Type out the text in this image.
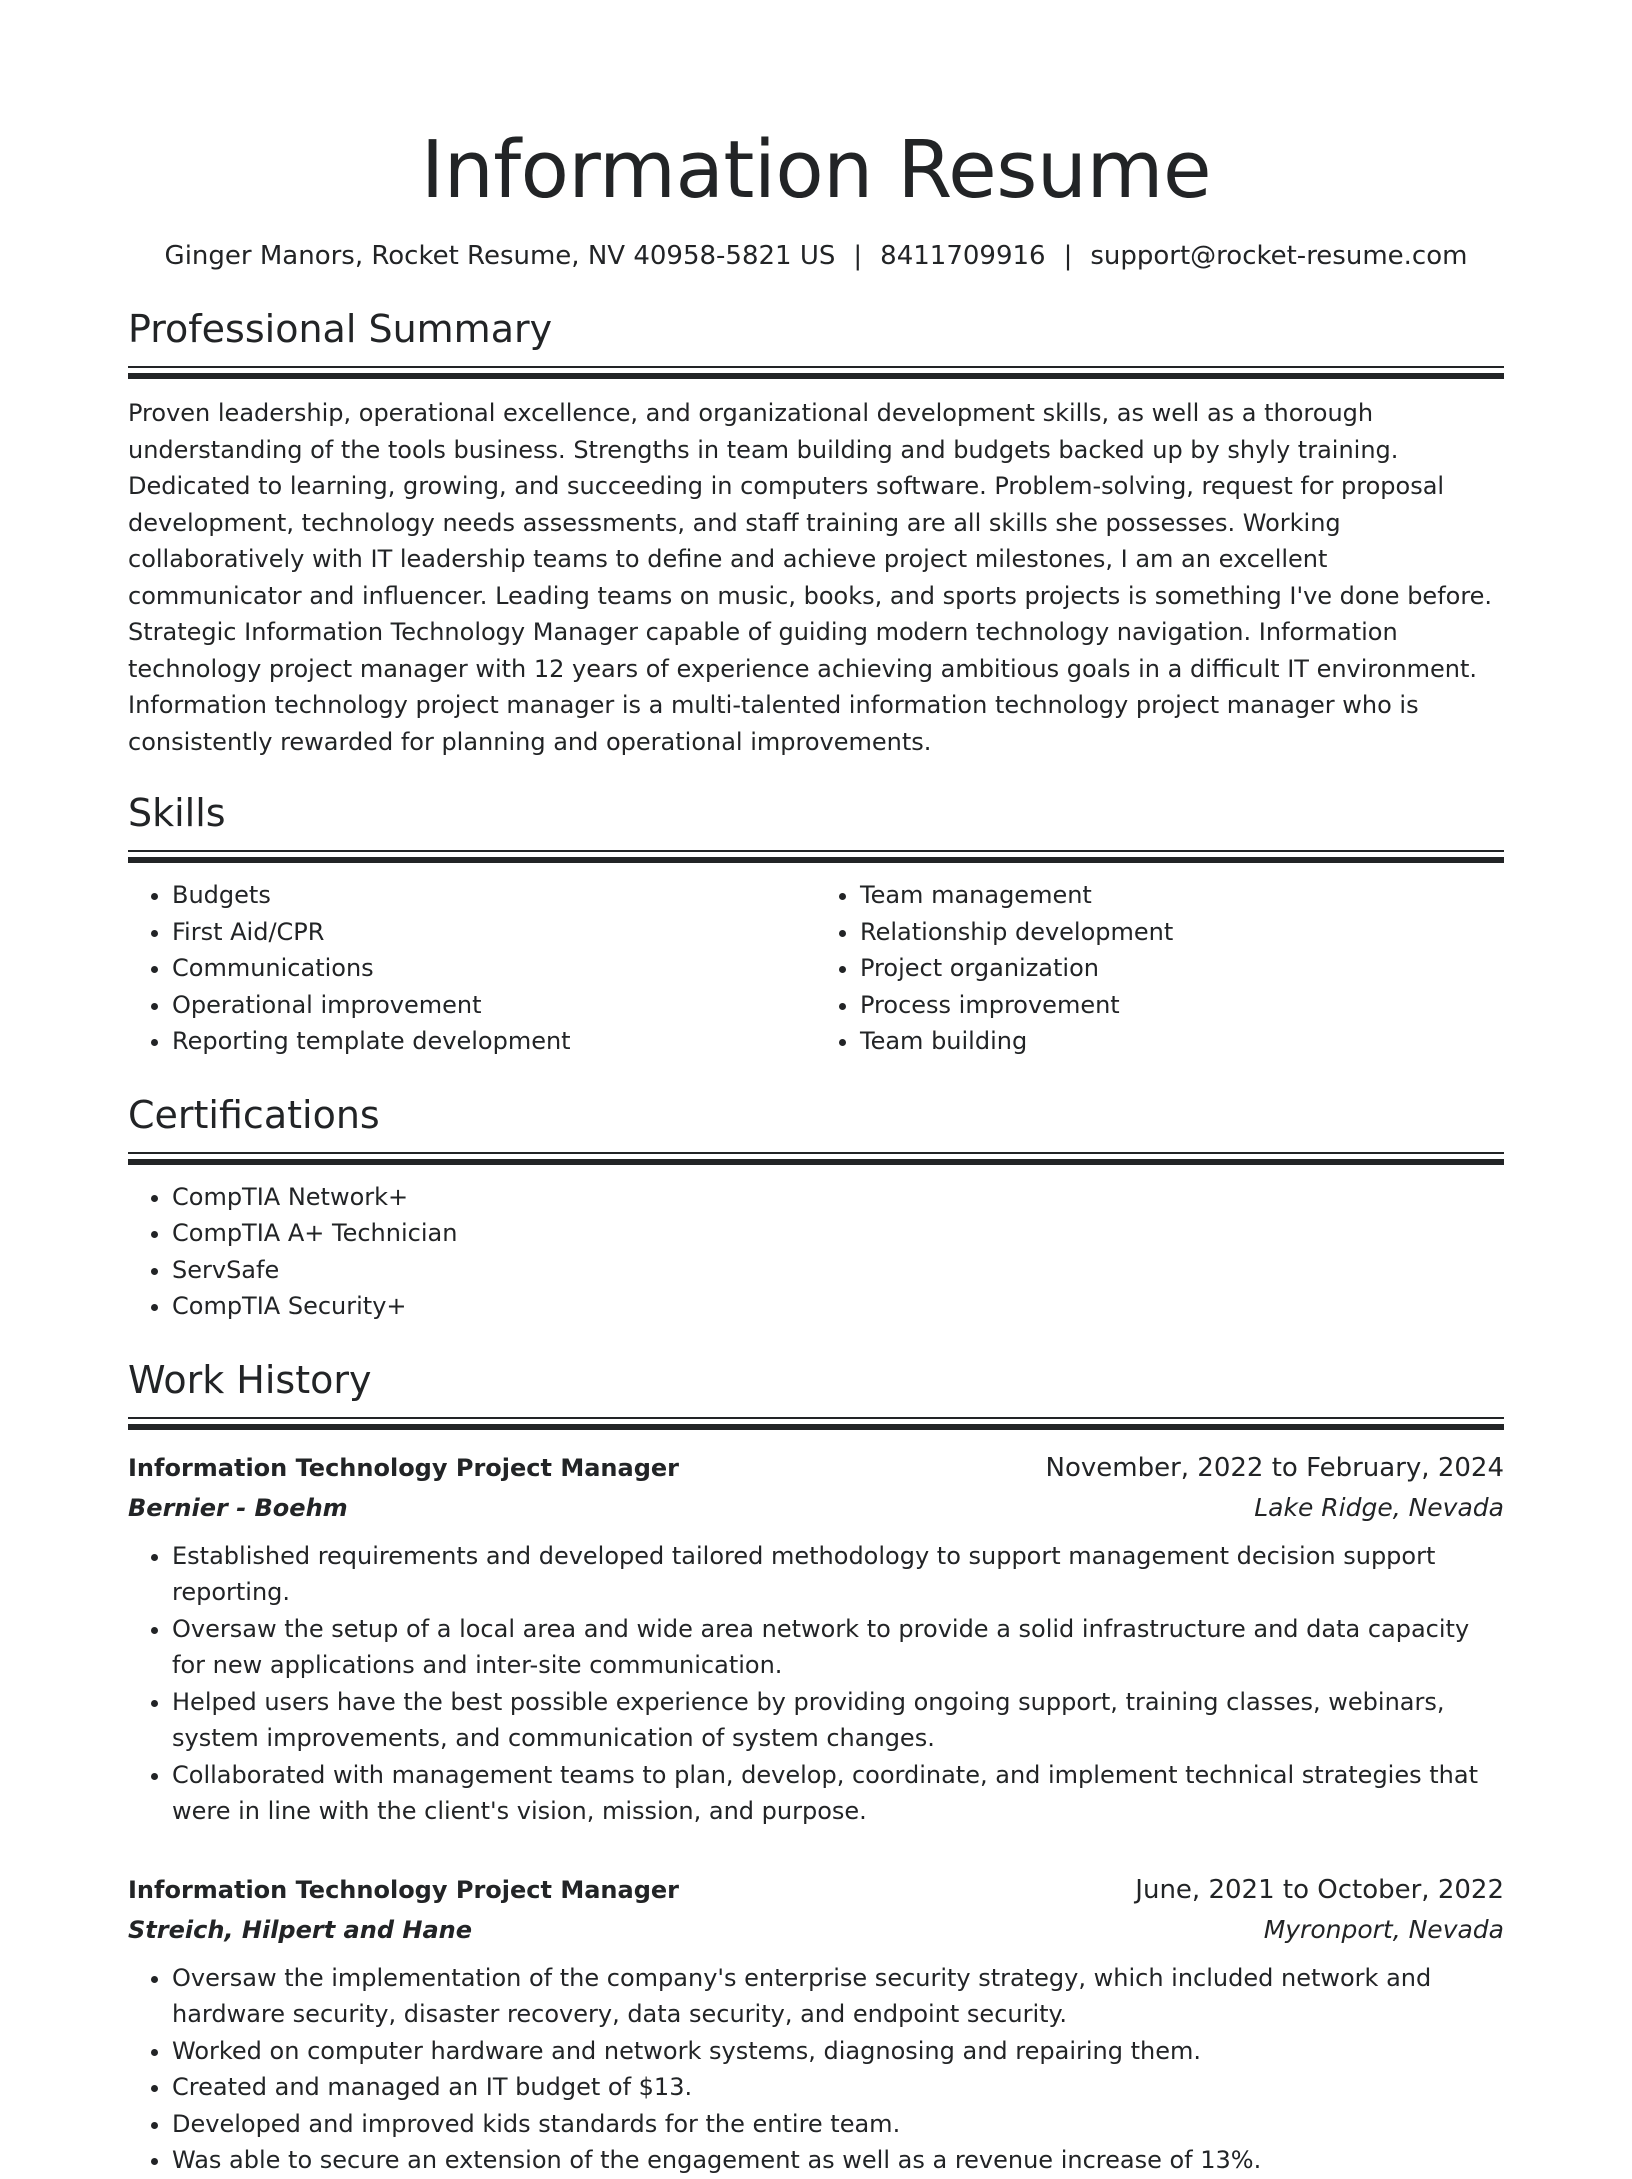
Information Resume
Ginger Manors, Rocket Resume, NV 40958-5821 US | 8411709916 | support@rocket-resume.com
Professional Summary

Proven leadership, operational excellence, and organizational development skills, as well as a thorough understanding of the tools business. Strengths in team building and budgets backed up by shyly training. Dedicated to learning, growing, and succeeding in computers software. Problem-solving, request for proposal development, technology needs assessments, and staff training are all skills she possesses. Working collaboratively with IT leadership teams to define and achieve project milestones, I am an excellent communicator and influencer. Leading teams on music, books, and sports projects is something I've done before. Strategic Information Technology Manager capable of guiding modern technology navigation. Information technology project manager with 12 years of experience achieving ambitious goals in a difficult IT environment. Information technology project manager is a multi-talented information technology project manager who is consistently rewarded for planning and operational improvements.

Skills
• Budgets
• First Aid/CPR
• Communications
• Operational improvement
• Reporting template development
• Team management
• Relationship development
• Project organization
• Process improvement
• Team building
Certifications
• CompTIA Network+
• CompTIA A+ Technician
• ServSafe
• CompTIA Security+
Work History
Information Technology Project Manager	November, 2022 to February, 2024
Bernier - Boehm	Lake Ridge, Nevada
• Established requirements and developed tailored methodology to support management decision support reporting.
• Oversaw the setup of a local area and wide area network to provide a solid infrastructure and data capacity for new applications and inter-site communication.
• Helped users have the best possible experience by providing ongoing support, training classes, webinars, system improvements, and communication of system changes.
• Collaborated with management teams to plan, develop, coordinate, and implement technical strategies that were in line with the client's vision, mission, and purpose.
Information Technology Project Manager	June, 2021 to October, 2022
Streich, Hilpert and Hane	Myronport, Nevada
• Oversaw the implementation of the company's enterprise security strategy, which included network and hardware security, disaster recovery, data security, and endpoint security.
• Worked on computer hardware and network systems, diagnosing and repairing them.
• Created and managed an IT budget of $13.
• Developed and improved kids standards for the entire team.
• Was able to secure an extension of the engagement as well as a revenue increase of 13%.
